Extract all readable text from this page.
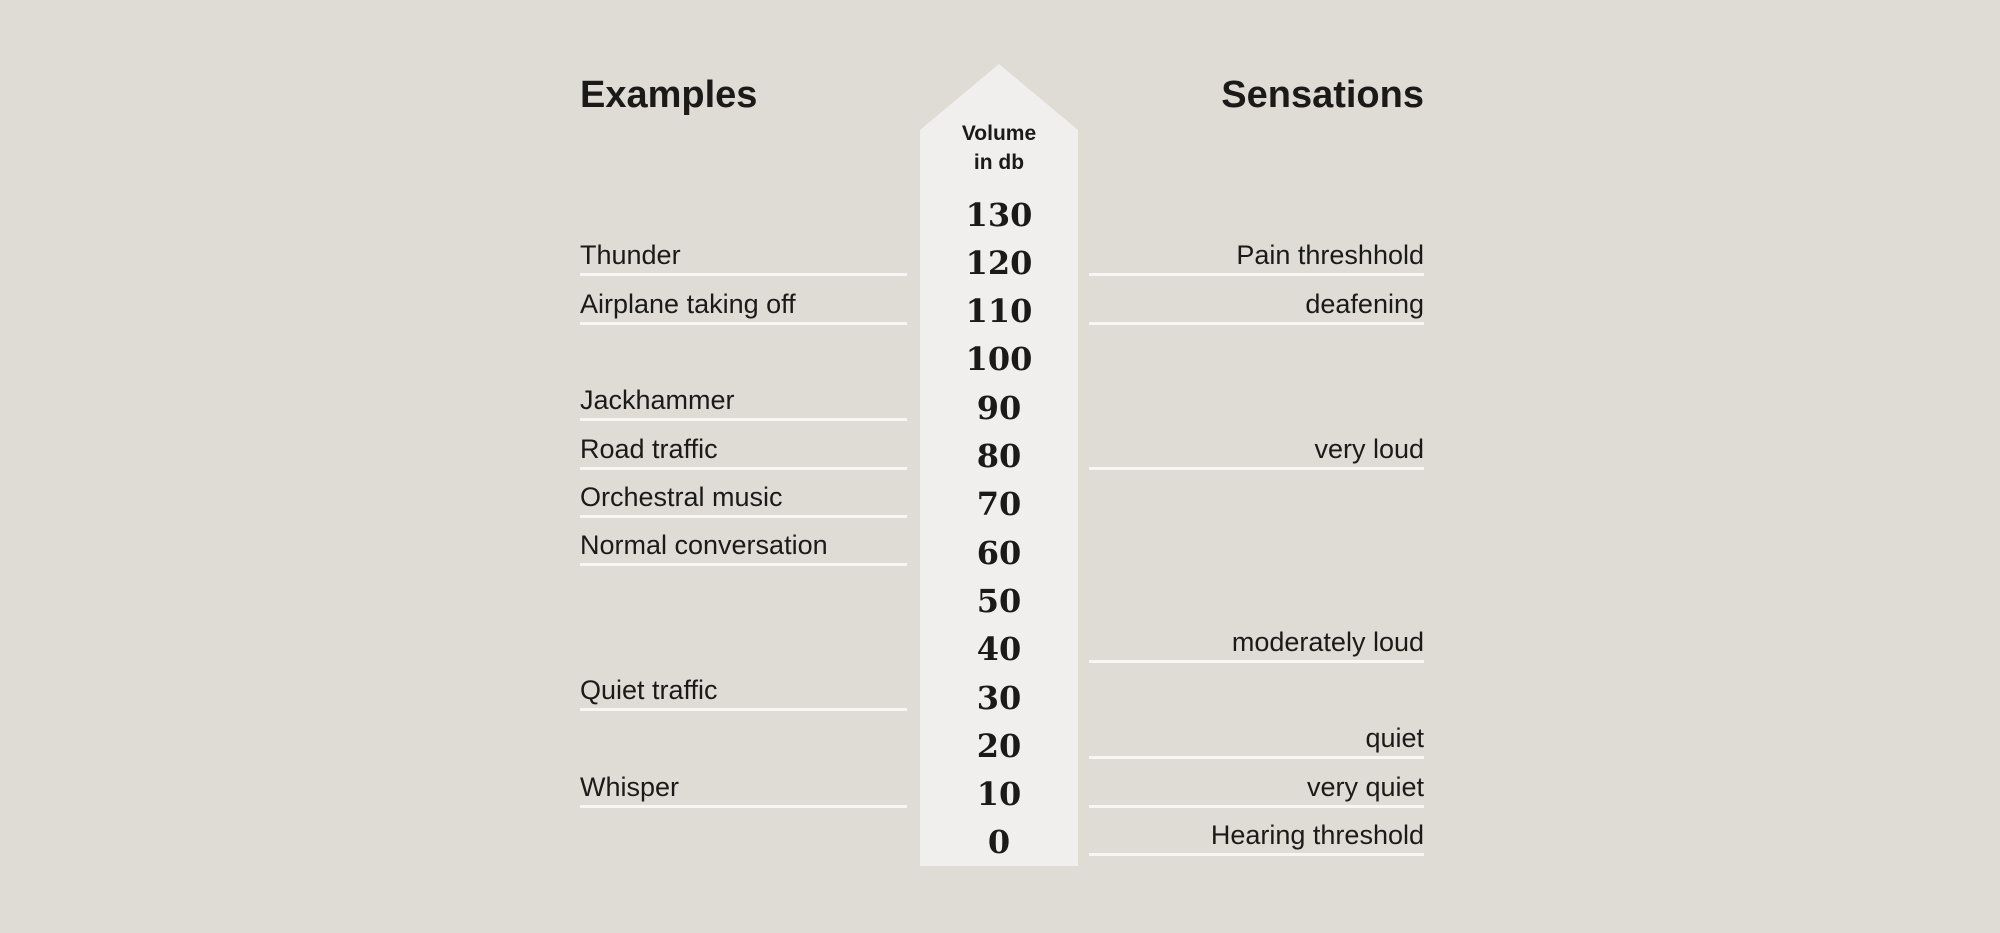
Examples	Sensations
Volume
in db
130
120
110
100
90
80
70
60
50
40
30
20
10
0
Thunder
Airplane taking off
Jackhammer
Road traffic
Orchestral music
Normal conversation
Quiet traffic
Whisper
Pain threshhold
deafening
very loud
moderately loud
quiet
very quiet
Hearing threshold
